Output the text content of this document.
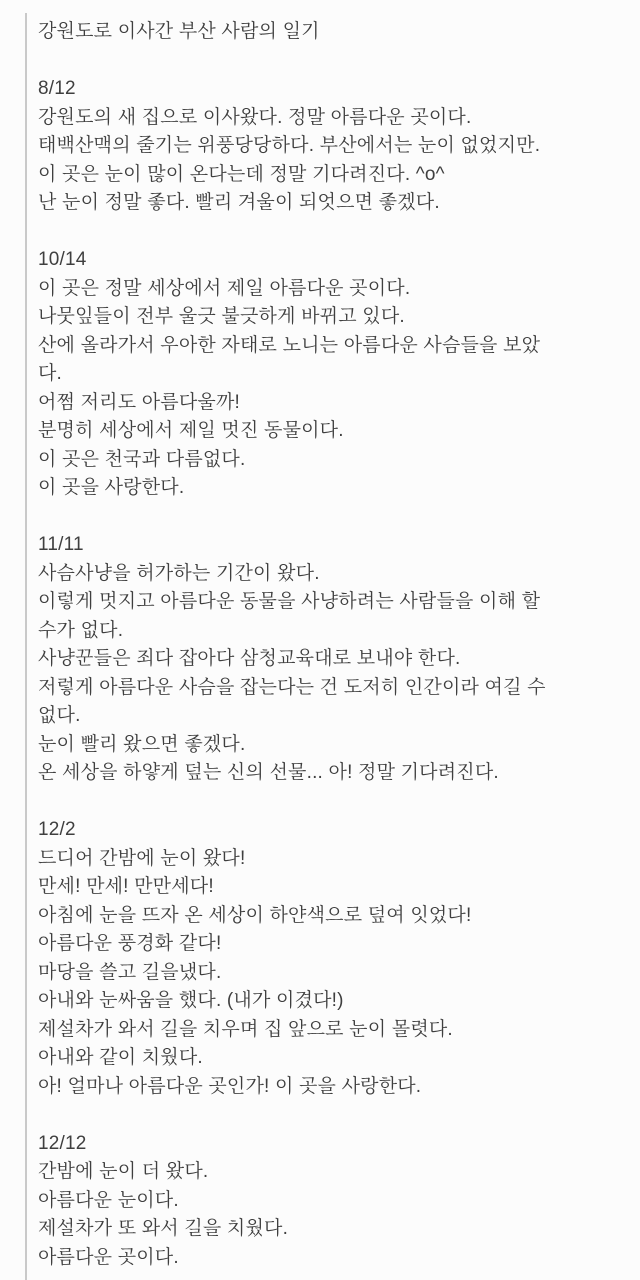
강원도로 이사간 부산 사람의 일기
8/12
강원도의 새 집으로 이사왔다. 정말 아름다운 곳이다.
태백산맥의 줄기는 위풍당당하다. 부산에서는 눈이 없었지만.
이 곳은 눈이 많이 온다는데 정말 기다려진다. ^o^
난 눈이 정말 좋다. 빨리 겨울이 되엇으면 좋겠다.
10/14
이 곳은 정말 세상에서 제일 아름다운 곳이다.
나뭇잎들이 전부 울긋 불긋하게 바뀌고 있다.
산에 올라가서 우아한 자태로 노니는 아름다운 사슴들을 보았
다.
어쩜 저리도 아름다울까!
분명히 세상에서 제일 멋진 동물이다.
이 곳은 천국과 다름없다.
이 곳을 사랑한다.
11/11
사슴사냥을 허가하는 기간이 왔다.
이렇게 멋지고 아름다운 동물을 사냥하려는 사람들을 이해 할
수가 없다.
사냥꾼들은 죄다 잡아다 삼청교육대로 보내야 한다.
저렇게 아름다운 사슴을 잡는다는 건 도저히 인간이라 여길 수
없다.
눈이 빨리 왔으면 좋겠다.
온 세상을 하얗게 덮는 신의 선물... 아! 정말 기다려진다.
12/2
드디어 간밤에 눈이 왔다!
만세! 만세! 만만세다!
아침에 눈을 뜨자 온 세상이 하얀색으로 덮여 잇었다!
아름다운 풍경화 같다!
마당을 쓸고 길을냈다.
아내와 눈싸움을 했다. (내가 이겼다!)
제설차가 와서 길을 치우며 집 앞으로 눈이 몰렷다.
아내와 같이 치웠다.
아! 얼마나 아름다운 곳인가! 이 곳을 사랑한다.
12/12
간밤에 눈이 더 왔다.
아름다운 눈이다.
제설차가 또 와서 길을 치웠다.
아름다운 곳이다.
